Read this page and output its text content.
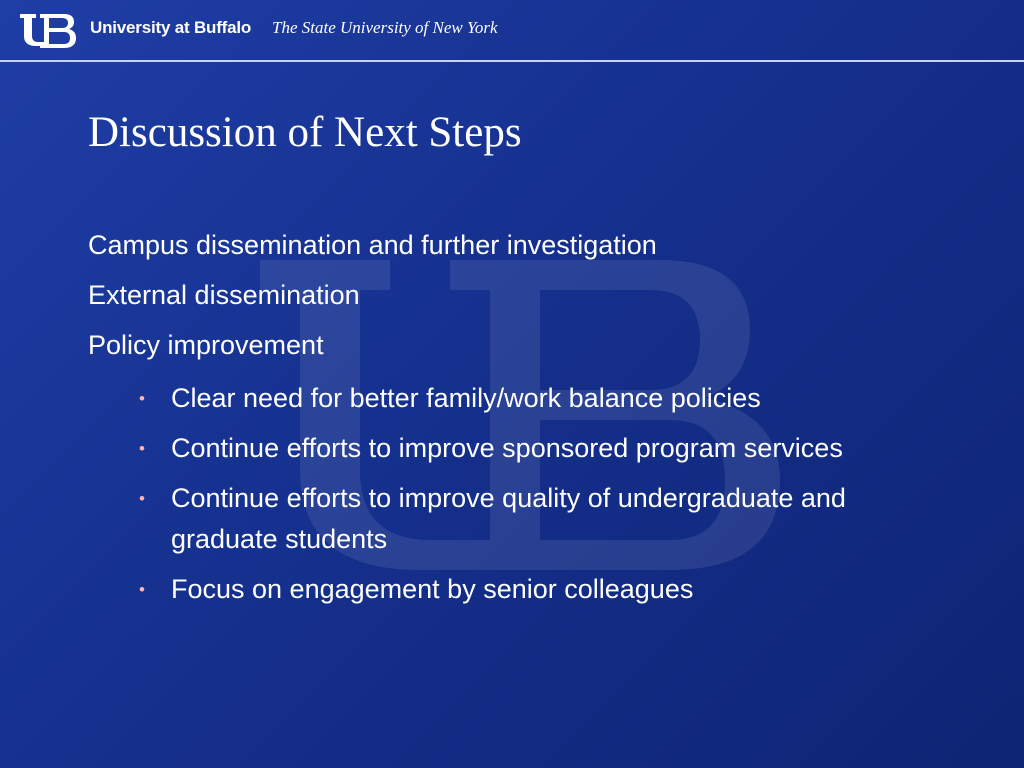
University at Buffalo The State University of New York
Discussion of Next Steps

Campus dissemination and further investigation

External dissemination

Policy improvement

• Clear need for better family/work balance policies
• Continue efforts to improve sponsored program services
• Continue efforts to improve quality of undergraduate and graduate students
• Focus on engagement by senior colleagues
